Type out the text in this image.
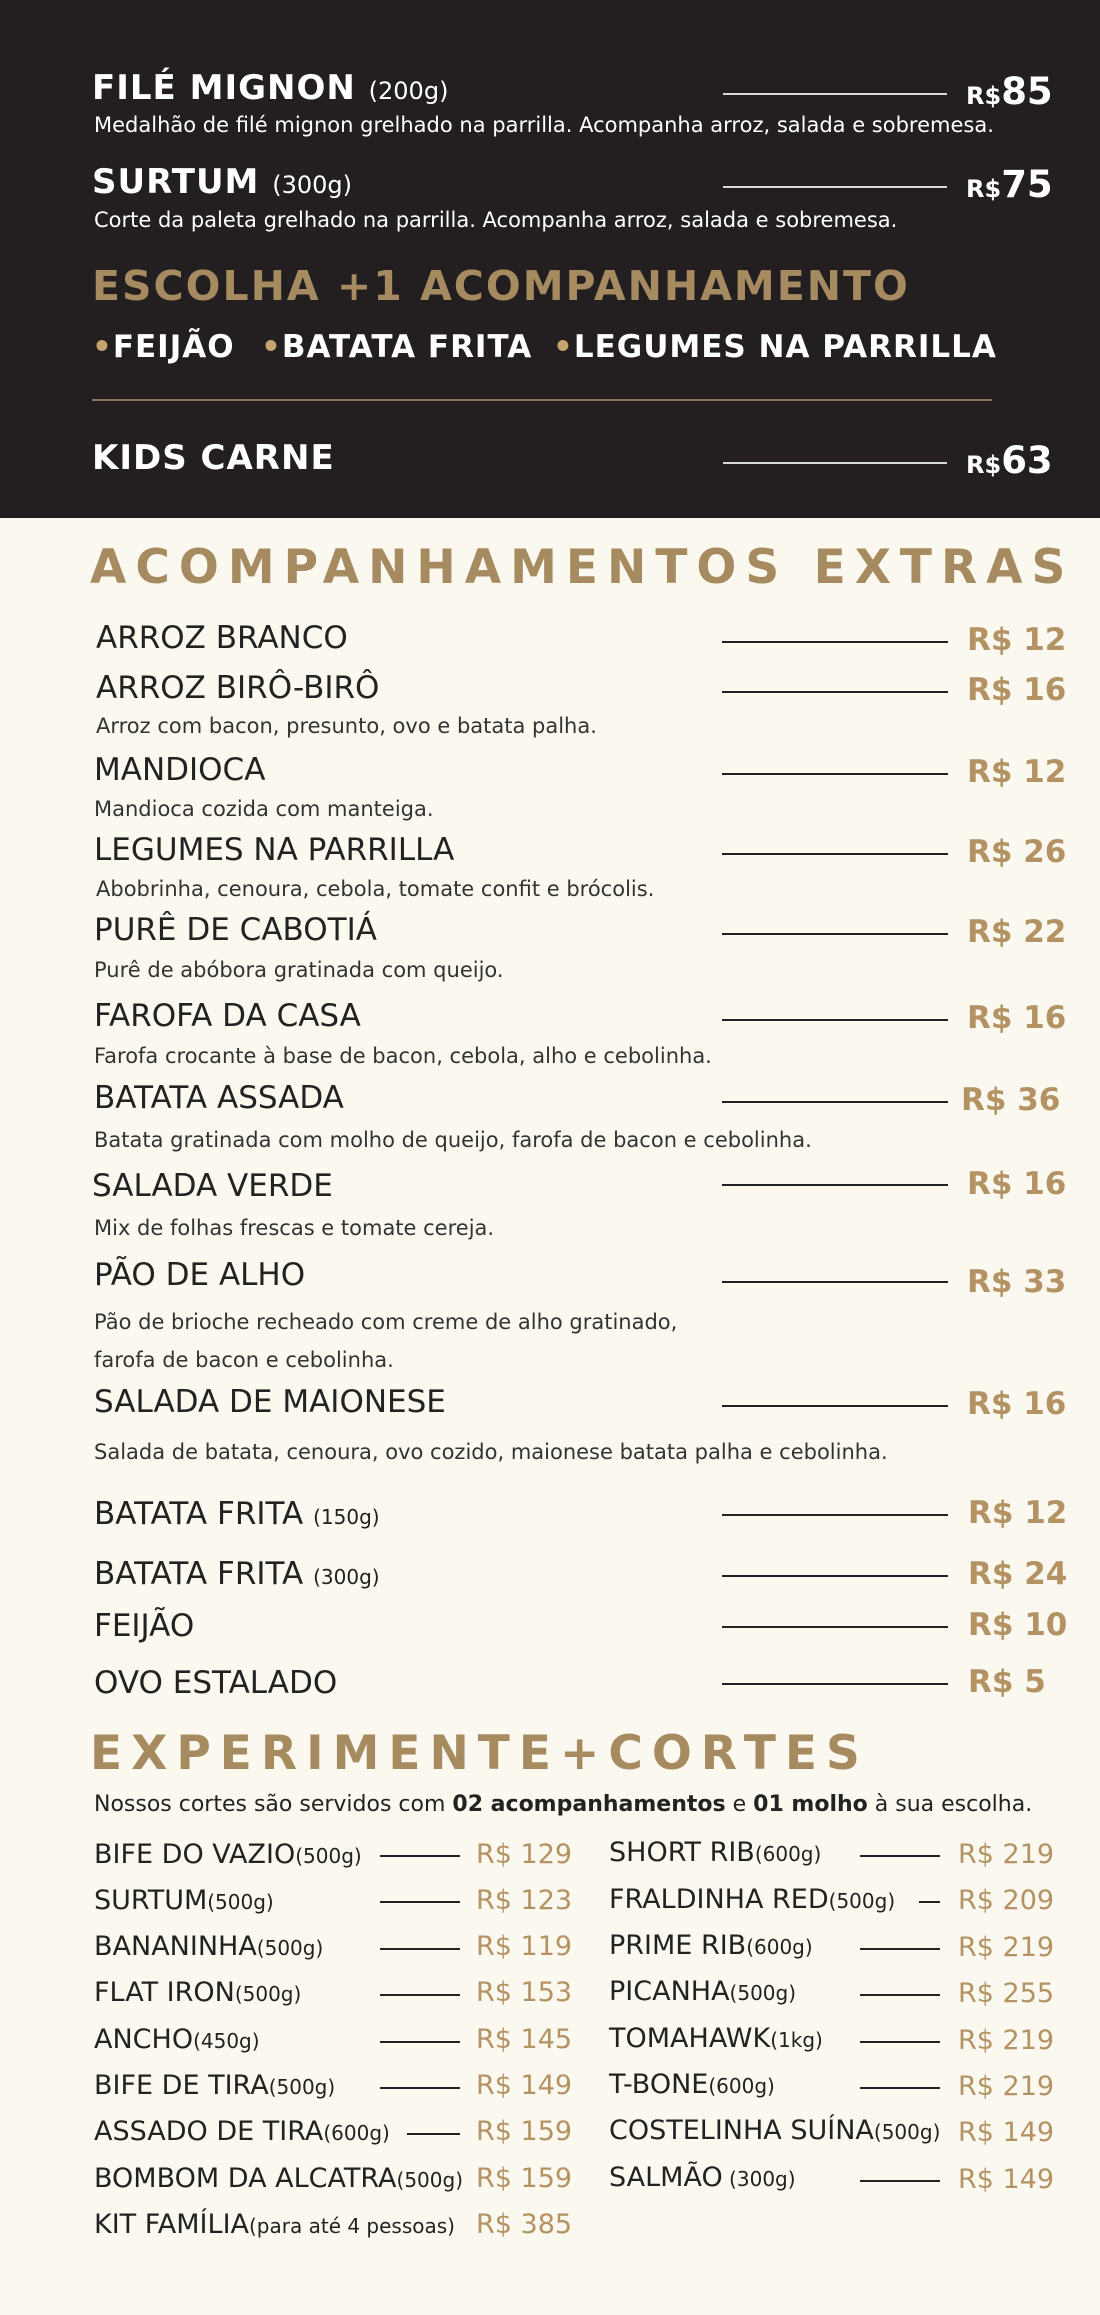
FILÉ MIGNON (200g)	R$85
Medalhão de filé mignon grelhado na parrilla. Acompanha arroz, salada e sobremesa.
SURTUM (300g)	R$75
Corte da paleta grelhado na parrilla. Acompanha arroz, salada e sobremesa.
ESCOLHA +1 ACOMPANHAMENTO
•FEIJÃO •BATATA FRITA •LEGUMES NA PARRILLA
KIDS CARNE	R$63
ACOMPANHAMENTOS EXTRAS
ARROZ BRANCO	R$ 12
ARROZ BIRÔ-BIRÔ	R$ 16
Arroz com bacon, presunto, ovo e batata palha.
MANDIOCA	R$ 12
Mandioca cozida com manteiga.
LEGUMES NA PARRILLA	R$ 26
Abobrinha, cenoura, cebola, tomate confit e brócolis.
PURÊ DE CABOTIÁ	R$ 22
Purê de abóbora gratinada com queijo.
FAROFA DA CASA	R$ 16
Farofa crocante à base de bacon, cebola, alho e cebolinha.
BATATA ASSADA	R$ 36
Batata gratinada com molho de queijo, farofa de bacon e cebolinha.
SALADA VERDE	R$ 16
Mix de folhas frescas e tomate cereja.
PÃO DE ALHO	R$ 33
Pão de brioche recheado com creme de alho gratinado,
farofa de bacon e cebolinha.
SALADA DE MAIONESE	R$ 16
Salada de batata, cenoura, ovo cozido, maionese batata palha e cebolinha.
BATATA FRITA (150g)	R$ 12
BATATA FRITA (300g)	R$ 24
FEIJÃO	R$ 10
OVO ESTALADO	R$ 5
EXPERIMENTE+CORTES
Nossos cortes são servidos com 02 acompanhamentos e 01 molho à sua escolha.
BIFE DO VAZIO(500g)	R$ 129
SURTUM(500g)	R$ 123
BANANINHA(500g)	R$ 119
FLAT IRON(500g)	R$ 153
ANCHO(450g)	R$ 145
BIFE DE TIRA(500g)	R$ 149
ASSADO DE TIRA(600g)	R$ 159
BOMBOM DA ALCATRA(500g) R$ 159
KIT FAMÍLIA(para até 4 pessoas) R$ 385
SHORT RIB(600g)	R$ 219
FRALDINHA RED(500g) R$ 209
PRIME RIB(600g)	R$ 219
PICANHA(500g)	R$ 255
TOMAHAWK(1kg)	R$ 219
T-BONE(600g)	R$ 219
COSTELINHA SUÍNA(500g) R$ 149
SALMÃO (300g)	R$ 149
